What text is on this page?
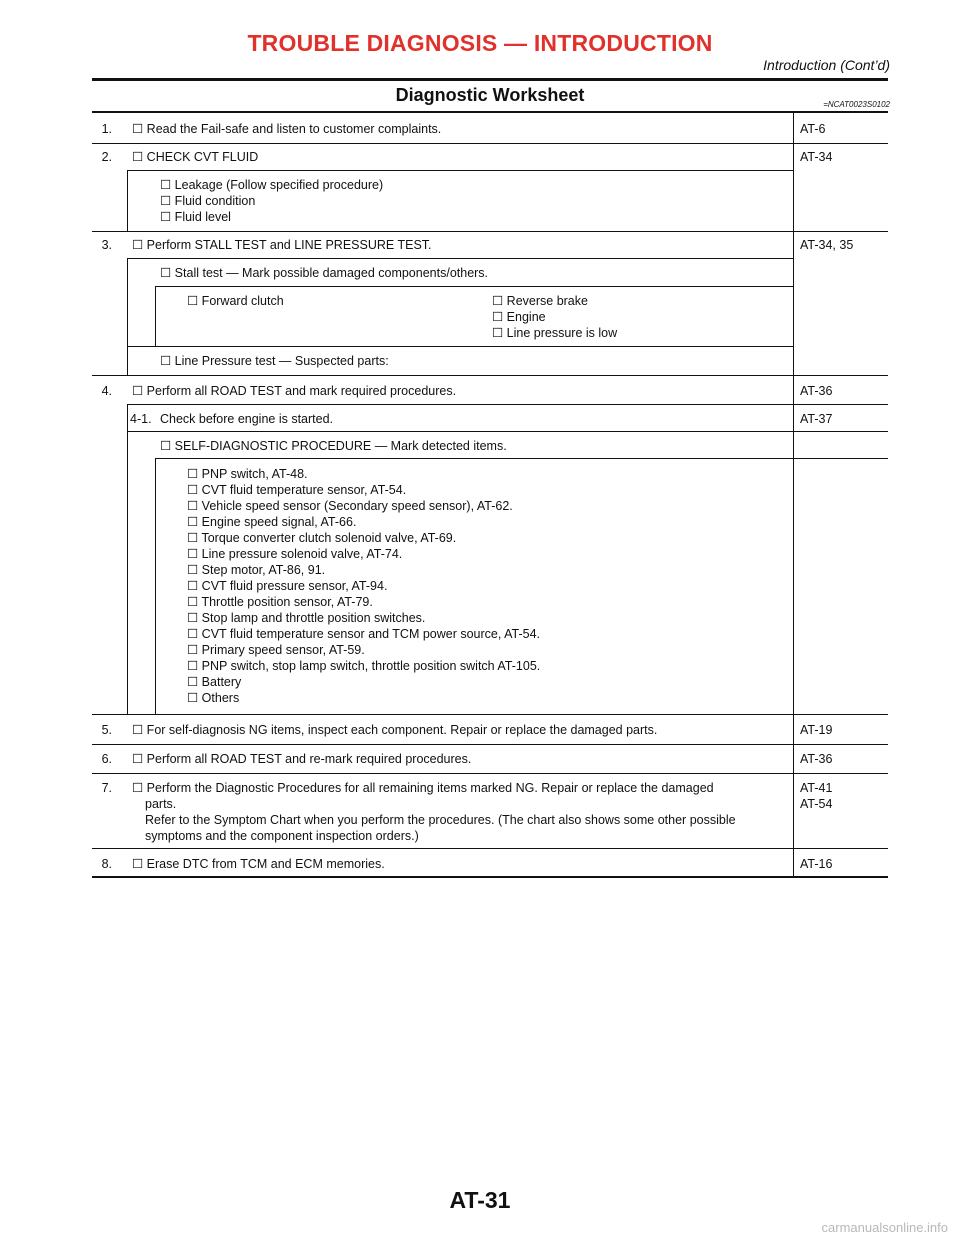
TROUBLE DIAGNOSIS — INTRODUCTION
Introduction (Cont’d)
Diagnostic Worksheet	=NCAT0023S0102
1. ☐ Read the Fail-safe and listen to customer complaints.	AT-6
2. ☐ CHECK CVT FLUID	AT-34
☐ Leakage (Follow specified procedure)
☐ Fluid condition
☐ Fluid level
3. ☐ Perform STALL TEST and LINE PRESSURE TEST.	AT-34, 35
☐ Stall test — Mark possible damaged components/others.
☐ Forward clutch	☐ Reverse brake
☐ Engine
☐ Line pressure is low
☐ Line Pressure test — Suspected parts:
4. ☐ Perform all ROAD TEST and mark required procedures.	AT-36
4-1. Check before engine is started.	AT-37
☐ SELF-DIAGNOSTIC PROCEDURE — Mark detected items.
☐ PNP switch, AT-48.
☐ CVT fluid temperature sensor, AT-54.
☐ Vehicle speed sensor (Secondary speed sensor), AT-62.
☐ Engine speed signal, AT-66.
☐ Torque converter clutch solenoid valve, AT-69.
☐ Line pressure solenoid valve, AT-74.
☐ Step motor, AT-86, 91.
☐ CVT fluid pressure sensor, AT-94.
☐ Throttle position sensor, AT-79.
☐ Stop lamp and throttle position switches.
☐ CVT fluid temperature sensor and TCM power source, AT-54.
☐ Primary speed sensor, AT-59.
☐ PNP switch, stop lamp switch, throttle position switch AT-105.
☐ Battery
☐ Others
5. ☐ For self-diagnosis NG items, inspect each component. Repair or replace the damaged parts.	AT-19
6. ☐ Perform all ROAD TEST and re-mark required procedures.	AT-36
7. ☐ Perform the Diagnostic Procedures for all remaining items marked NG. Repair or replace the damaged
parts.
Refer to the Symptom Chart when you perform the procedures. (The chart also shows some other possible
symptoms and the component inspection orders.)
AT-41
AT-54
8. ☐ Erase DTC from TCM and ECM memories.	AT-16
AT-31
carmanualsonline.info
